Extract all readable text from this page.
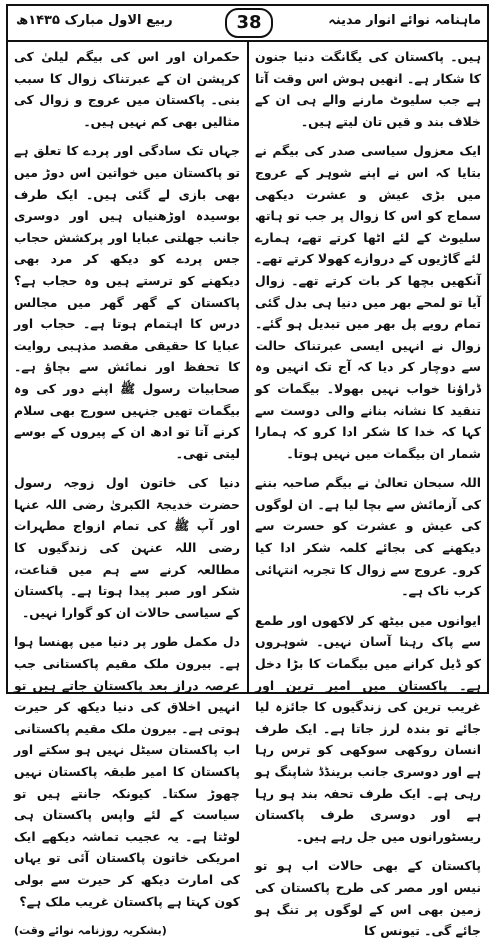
ربیع الاول مبارک ۱۴۳۵ھ	38	ماہنامہ نوائے انوار مدینہ

ہیں۔ پاکستان کی یگانگت دنیا جنون کا شکار ہے۔ انھیں ہوش اس وقت آتا ہے جب سلیوٹ مارنے والے ہی ان کے خلاف بند و قیں تان لیتے ہیں۔

ایک معزول سیاسی صدر کی بیگم نے بتایا کہ اس نے اپنے شوہر کے عروج میں بڑی عیش و عشرت دیکھی سماج کو اس کا زوال پر جب تو ہاتھ سلیوٹ کے لئے اٹھا کرتے تھے، ہمارے لئے گاڑیوں کے دروازے کھولا کرتے تھے۔ آنکھیں بچھا کر بات کرتے تھے۔ زوال آیا تو لمحے بھر میں دنیا ہی بدل گئی تمام رویے پل بھر میں تبدیل ہو گئے۔ زوال نے انہیں ایسی عبرتناک حالت سے دوچار کر دیا کہ آج تک انہیں وہ ڈراؤنا خواب نہیں بھولا۔ بیگمات کو تنقید کا نشانہ بنانے والی دوست سے کہا کہ خدا کا شکر ادا کرو کہ ہمارا شمار ان بیگمات میں نہیں ہوتا۔

اللہ سبحان تعالیٰ نے بیگم صاحبہ بننے کی آزمائش سے بچا لیا ہے۔ ان لوگوں کی عیش و عشرت کو حسرت سے دیکھنے کی بجائے کلمہ شکر ادا کیا کرو۔ عروج سے زوال کا تجربہ انتہائی کرب ناک ہے۔

ایوانوں میں بیٹھ کر لاکھوں اور طمع سے پاک رہنا آسان نہیں۔ شوہروں کو ڈیل کرانے میں بیگمات کا بڑا دخل ہے۔ پاکستان میں امیر ترین اور غریب ترین کی زندگیوں کا جائزہ لیا جائے تو بندہ لرز جاتا ہے۔ ایک طرف انسان روکھی سوکھی کو ترس رہا ہے اور دوسری جانب برینڈڈ شاپنگ ہو رہی ہے۔ ایک طرف تحفہ بند ہو رہا ہے اور دوسری طرف پاکستان ریسٹورانوں میں جل رہے ہیں۔

پاکستان کے بھی حالات اب ہو تو نیس اور مصر کی طرح پاکستان کی زمین بھی اس کے لوگوں پر تنگ ہو جائے گی۔ تیونس کا

حکمران اور اس کی بیگم لیلیٰ کی کرپشن ان کے عبرتناک زوال کا سبب بنی۔ پاکستان میں عروج و زوال کی مثالیں بھی کم نہیں ہیں۔

جہاں تک سادگی اور پردے کا تعلق ہے تو پاکستان میں خواتین اس دوڑ میں بھی بازی لے گئی ہیں۔ ایک طرف بوسیدہ اوڑھنیاں ہیں اور دوسری جانب جھلتی عبایا اور پرکشش حجاب جس پردے کو دیکھ کر مرد بھی دیکھنے کو ترستے ہیں وہ حجاب ہے؟ پاکستان کے گھر گھر میں مجالس درس کا اہتمام ہوتا ہے۔ حجاب اور عبایا کا حقیقی مقصد مذہبی روایت کا تحفظ اور نمائش سے بچاؤ ہے۔ صحابیات رسول ﷺ اپنے دور کی وہ بیگمات تھیں جنہیں سورج بھی سلام کرنے آتا تو ادھ ان کے پیروں کے بوسے لیتی تھی۔

دنیا کی خاتون اول زوجہ رسول حضرت خدیجۃ الکبریٰ رضی اللہ عنہا اور آپ ﷺ کی تمام ازواج مطہرات رضی اللہ عنہن کی زندگیوں کا مطالعہ کرنے سے ہم میں قناعت، شکر اور صبر پیدا ہوتا ہے۔ پاکستان کے سیاسی حالات ان کو گوارا نہیں۔

دل مکمل طور پر دنیا میں پھنسا ہوا ہے۔ بیرون ملک مقیم پاکستانی جب عرصہ دراز بعد پاکستان جاتے ہیں تو انہیں اخلاق کی دنیا دیکھ کر حیرت ہوتی ہے۔ بیرون ملک مقیم پاکستانی اب پاکستان سیٹل نہیں ہو سکتے اور پاکستان کا امیر طبقہ پاکستان نہیں چھوڑ سکتا۔ کیونکہ جانتے ہیں تو سیاست کے لئے واپس پاکستان ہی لوٹتا ہے۔ یہ عجیب تماشہ دیکھے ایک امریکی خاتون پاکستان آئی تو یہاں کی امارت دیکھ کر حیرت سے بولی کون کہتا ہے پاکستان غریب ملک ہے؟

(بشکریہ روزنامہ نوائے وقت)
